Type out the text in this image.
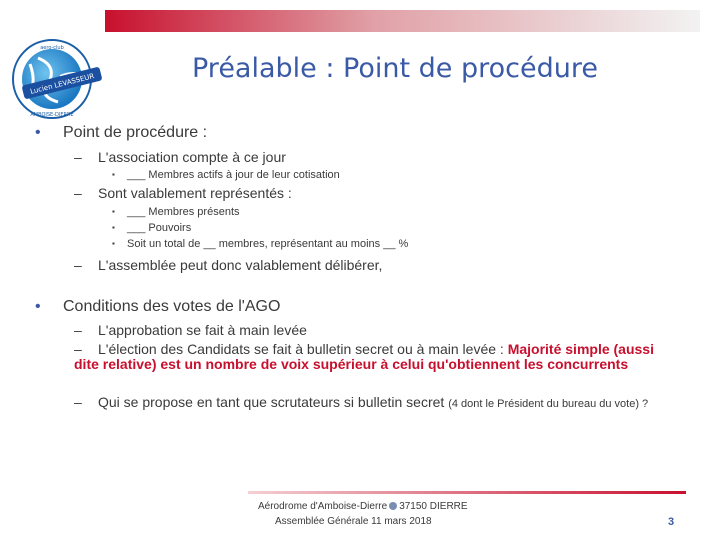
Lucien LEVASSEUR
aero-club
AMBOISE-DIERRE
Préalable : Point de procédure
• Point de procédure :
– L'association compte à ce jour
▪ ___ Membres actifs à jour de leur cotisation
– Sont valablement représentés :
▪ ___ Membres présents
▪ ___ Pouvoirs
▪ Soit un total de __ membres, représentant au moins __ %
– L'assemblée peut donc valablement délibérer,
• Conditions des votes de l'AGO
– L'approbation se fait à main levée
– L'élection des Candidats se fait à bulletin secret ou à main levée : Majorité simple (aussi dite relative) est un nombre de voix supérieur à celui qu'obtiennent les concurrents
– Qui se propose en tant que scrutateurs si bulletin secret (4 dont le Président du bureau du vote) ?
Aérodrome d'Amboise-Dierre 37150 DIERRE
Assemblée Générale 11 mars 2018	3
